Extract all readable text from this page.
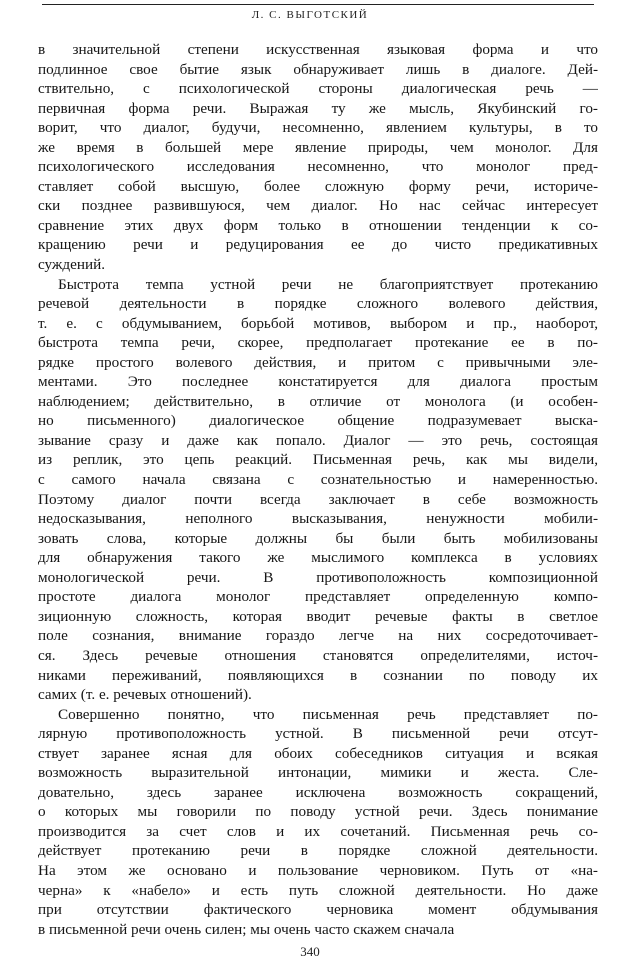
Л. С. ВЫГОТСКИЙ
в значительной степени искусственная языковая форма и что
подлинное свое бытие язык обнаруживает лишь в диалоге. Дей-
ствительно, с психологической стороны диалогическая речь —
первичная форма речи. Выражая ту же мысль, Якубинский го-
ворит, что диалог, будучи, несомненно, явлением культуры, в то
же время в большей мере явление природы, чем монолог. Для
психологического исследования несомненно, что монолог пред-
ставляет собой высшую, более сложную форму речи, историче-
ски позднее развившуюся, чем диалог. Но нас сейчас интересует
сравнение этих двух форм только в отношении тенденции к со-
кращению речи и редуцирования ее до чисто предикативных
суждений.
Быстрота темпа устной речи не благоприятствует протеканию
речевой деятельности в порядке сложного волевого действия,
т. е. с обдумыванием, борьбой мотивов, выбором и пр., наоборот,
быстрота темпа речи, скорее, предполагает протекание ее в по-
рядке простого волевого действия, и притом с привычными эле-
ментами. Это последнее констатируется для диалога простым
наблюдением; действительно, в отличие от монолога (и особен-
но письменного) диалогическое общение подразумевает выска-
зывание сразу и даже как попало. Диалог — это речь, состоящая
из реплик, это цепь реакций. Письменная речь, как мы видели,
с самого начала связана с сознательностью и намеренностью.
Поэтому диалог почти всегда заключает в себе возможность
недосказывания, неполного высказывания, ненужности мобили-
зовать слова, которые должны бы были быть мобилизованы
для обнаружения такого же мыслимого комплекса в условиях
монологической речи. В противоположность композиционной
простоте диалога монолог представляет определенную компо-
зиционную сложность, которая вводит речевые факты в светлое
поле сознания, внимание гораздо легче на них сосредоточивает-
ся. Здесь речевые отношения становятся определителями, источ-
никами переживаний, появляющихся в сознании по поводу их
самих (т. е. речевых отношений).
Совершенно понятно, что письменная речь представляет по-
лярную противоположность устной. В письменной речи отсут-
ствует заранее ясная для обоих собеседников ситуация и всякая
возможность выразительной интонации, мимики и жеста. Сле-
довательно, здесь заранее исключена возможность сокращений,
о которых мы говорили по поводу устной речи. Здесь понимание
производится за счет слов и их сочетаний. Письменная речь со-
действует протеканию речи в порядке сложной деятельности.
На этом же основано и пользование черновиком. Путь от «на-
черна» к «набело» и есть путь сложной деятельности. Но даже
при отсутствии фактического черновика момент обдумывания
в письменной речи очень силен; мы очень часто скажем сначала
340
